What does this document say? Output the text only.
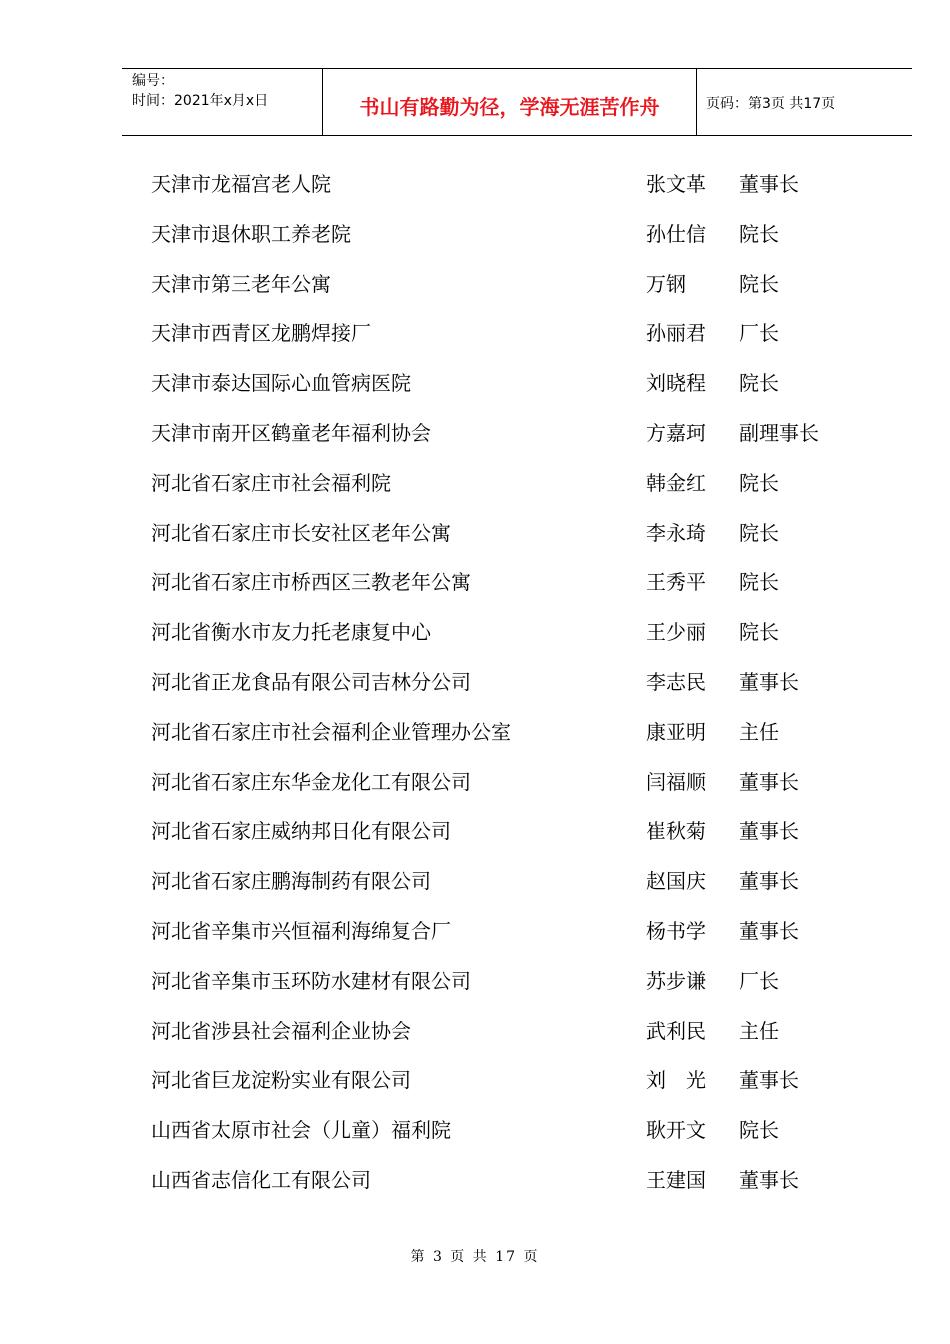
编号：
时间：2021年x月x日	书山有路勤为径，学海无涯苦作舟	页码：第3页 共17页
天津市龙福宫老人院	张文革 董事长
天津市退休职工养老院	孙仕信 院长
天津市第三老年公寓	万钢	院长
天津市西青区龙鹏焊接厂	孙丽君 厂长
天津市泰达国际心血管病医院	刘晓程 院长
天津市南开区鹤童老年福利协会	方嘉珂 副理事长
河北省石家庄市社会福利院	韩金红 院长
河北省石家庄市长安社区老年公寓	李永琦 院长
河北省石家庄市桥西区三教老年公寓	王秀平 院长
河北省衡水市友力托老康复中心	王少丽 院长
河北省正龙食品有限公司吉林分公司	李志民 董事长
河北省石家庄市社会福利企业管理办公室	康亚明 主任
河北省石家庄东华金龙化工有限公司	闫福顺 董事长
河北省石家庄威纳邦日化有限公司	崔秋菊 董事长
河北省石家庄鹏海制药有限公司	赵国庆 董事长
河北省辛集市兴恒福利海绵复合厂	杨书学 董事长
河北省辛集市玉环防水建材有限公司	苏步谦 厂长
河北省涉县社会福利企业协会	武利民 主任
河北省巨龙淀粉实业有限公司	刘　光 董事长
山西省太原市社会（儿童）福利院	耿开文 院长
山西省志信化工有限公司	王建国 董事长
第 3 页 共 17 页
